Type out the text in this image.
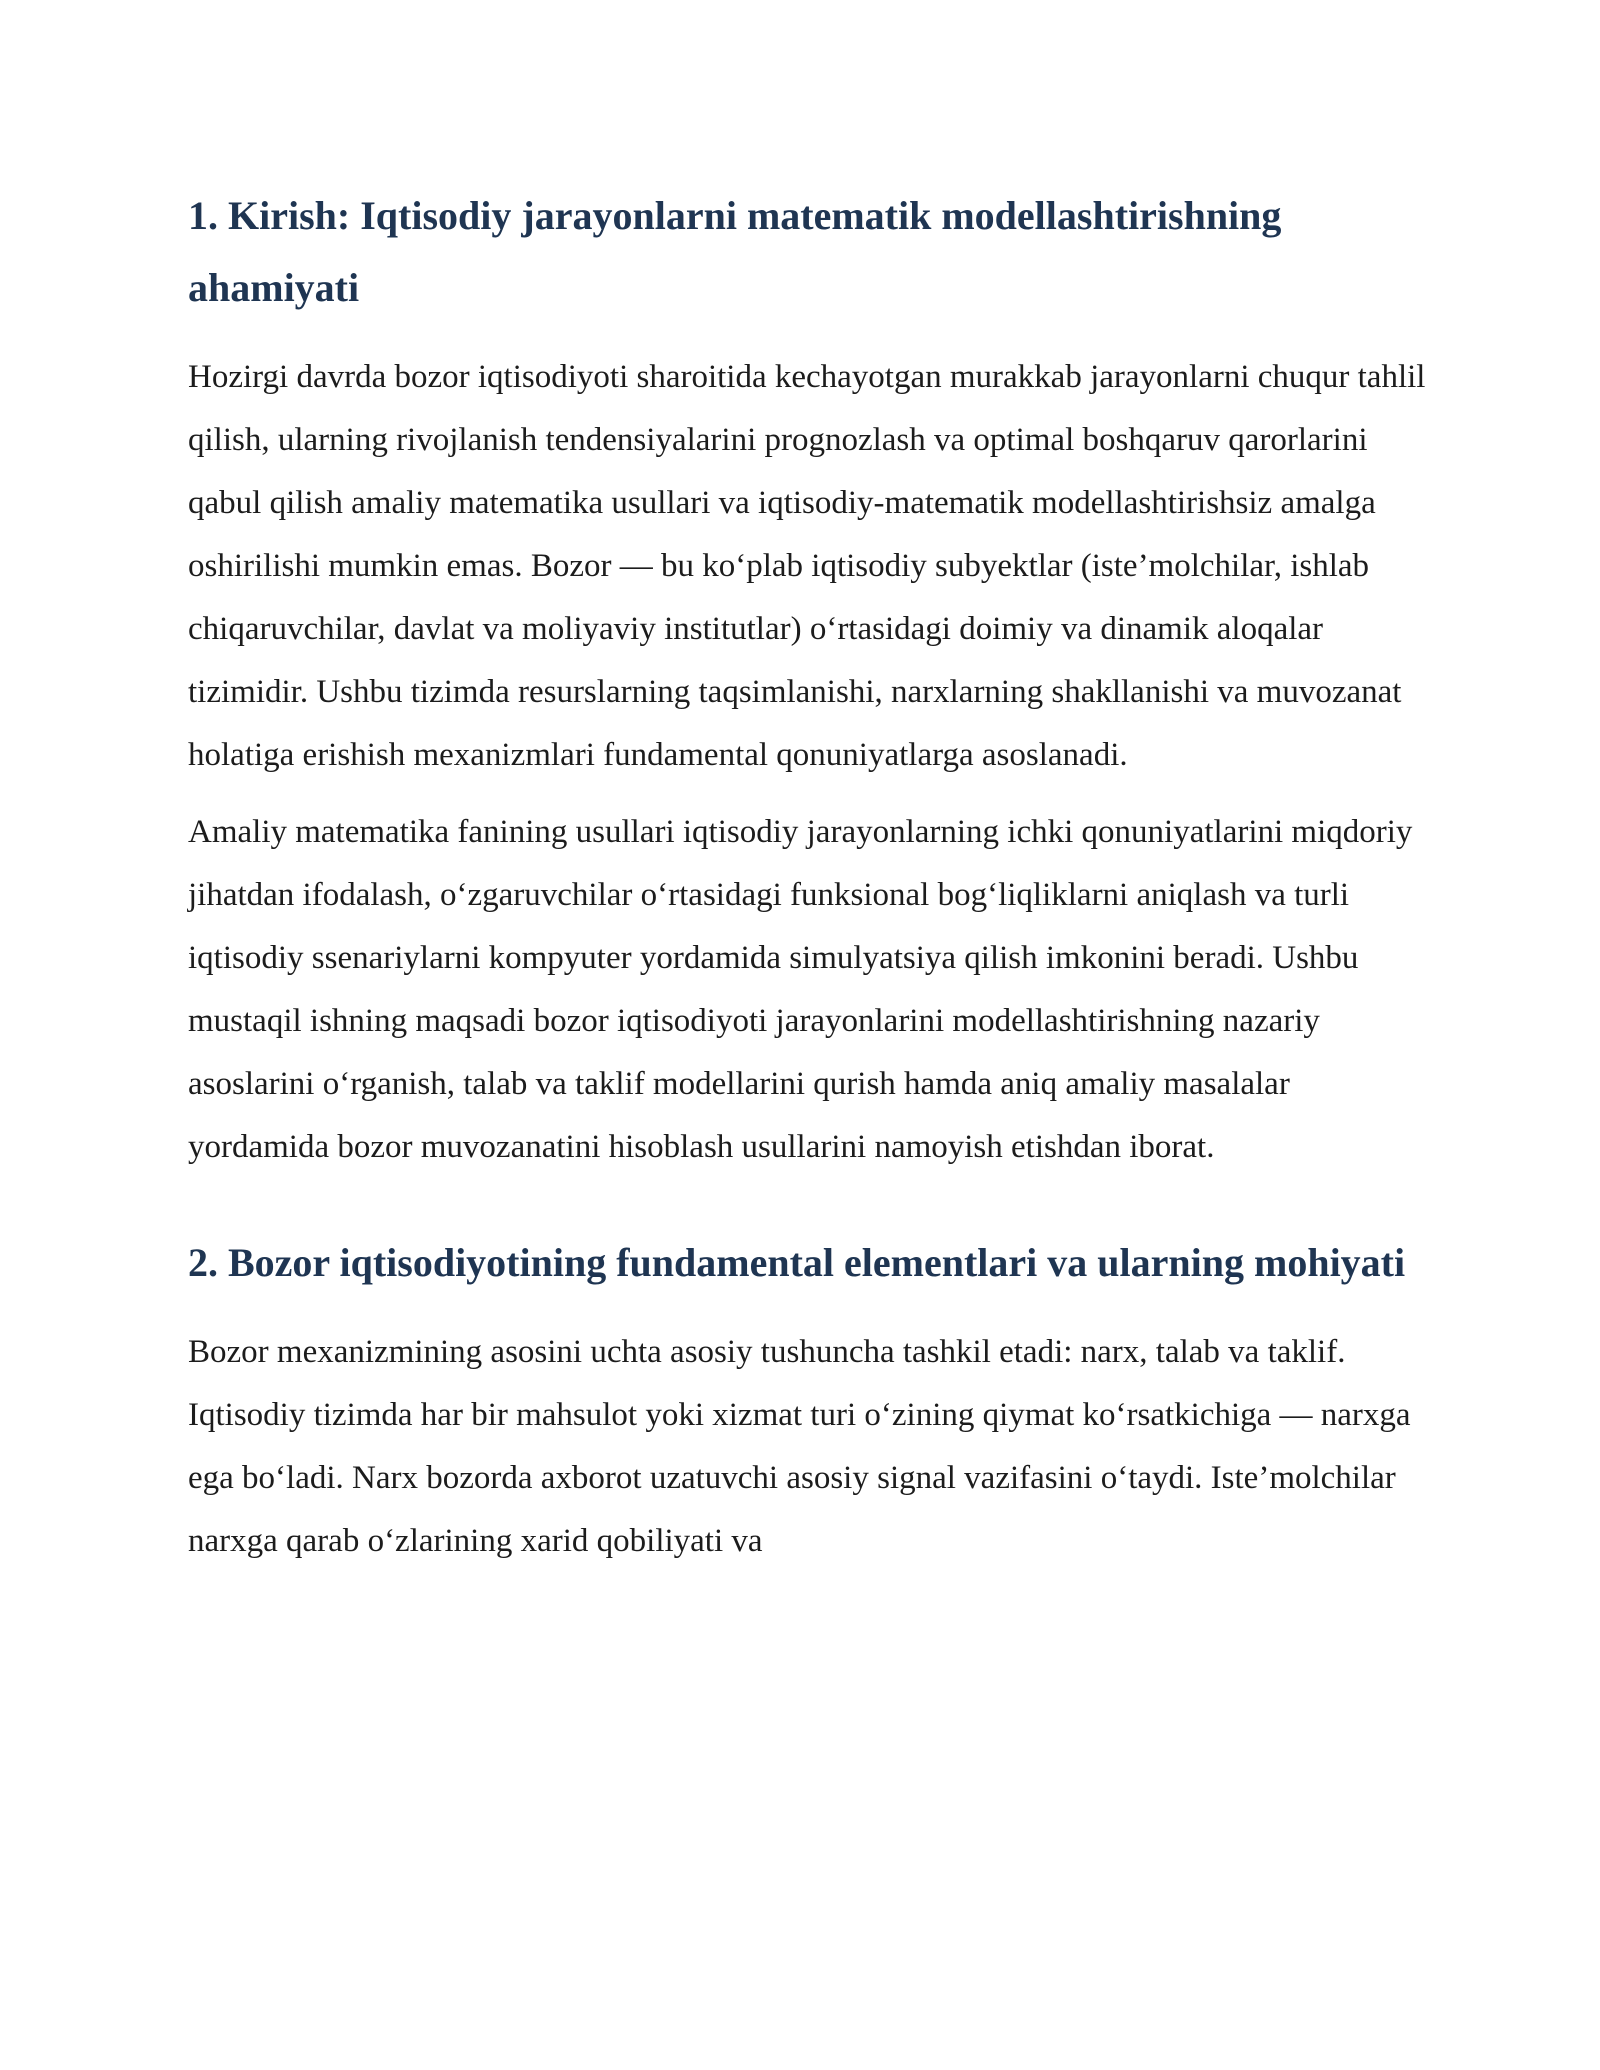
1. Kirish: Iqtisodiy jarayonlarni matematik modellashtirishning ahamiyati

Hozirgi davrda bozor iqtisodiyoti sharoitida kechayotgan murakkab jarayonlarni chuqur tahlil qilish, ularning rivojlanish tendensiyalarini prognozlash va optimal boshqaruv qarorlarini qabul qilish amaliy matematika usullari va iqtisodiy-matematik modellashtirishsiz amalga oshirilishi mumkin emas. Bozor — bu ko‘plab iqtisodiy subyektlar (iste’molchilar, ishlab chiqaruvchilar, davlat va moliyaviy institutlar) o‘rtasidagi doimiy va dinamik aloqalar tizimidir. Ushbu tizimda resurslarning taqsimlanishi, narxlarning shakllanishi va muvozanat holatiga erishish mexanizmlari fundamental qonuniyatlarga asoslanadi.

Amaliy matematika fanining usullari iqtisodiy jarayonlarning ichki qonuniyatlarini miqdoriy jihatdan ifodalash, o‘zgaruvchilar o‘rtasidagi funksional bog‘liqliklarni aniqlash va turli iqtisodiy ssenariylarni kompyuter yordamida simulyatsiya qilish imkonini beradi. Ushbu mustaqil ishning maqsadi bozor iqtisodiyoti jarayonlarini modellashtirishning nazariy asoslarini o‘rganish, talab va taklif modellarini qurish hamda aniq amaliy masalalar yordamida bozor muvozanatini hisoblash usullarini namoyish etishdan iborat.

2. Bozor iqtisodiyotining fundamental elementlari va ularning mohiyati

Bozor mexanizmining asosini uchta asosiy tushuncha tashkil etadi: narx, talab va taklif. Iqtisodiy tizimda har bir mahsulot yoki xizmat turi o‘zining qiymat ko‘rsatkichiga — narxga ega bo‘ladi. Narx bozorda axborot uzatuvchi asosiy signal vazifasini o‘taydi. Iste’molchilar narxga qarab o‘zlarining xarid qobiliyati va
